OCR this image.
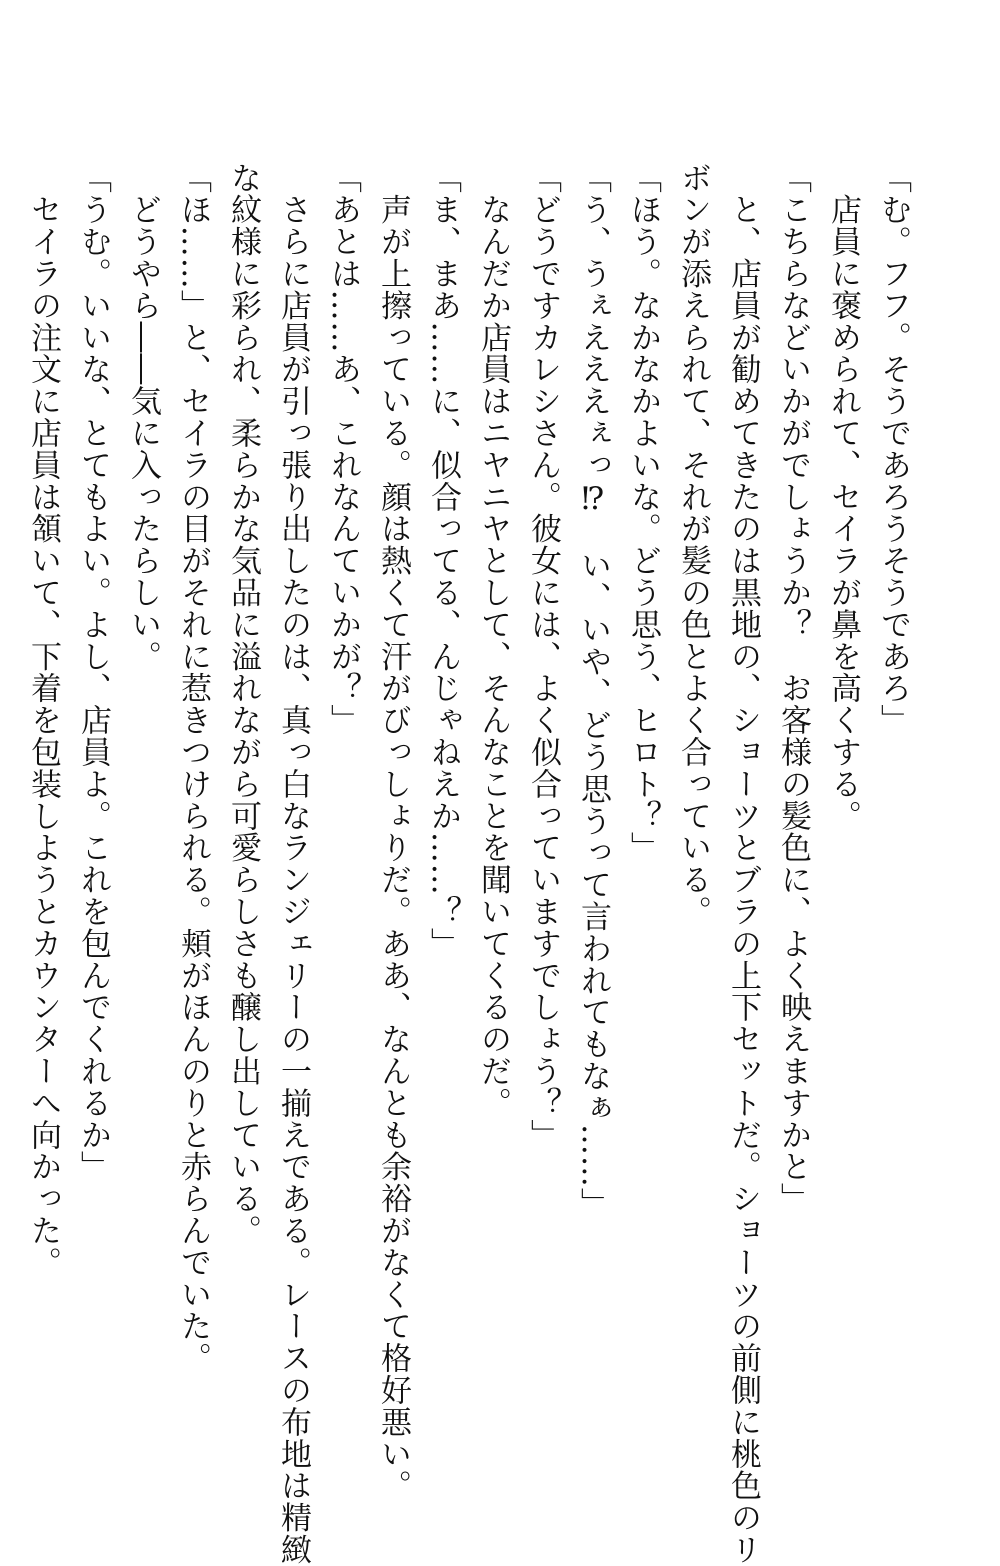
「む。フフ。そうであろうそうであろ」
　店員に褒められて、セイラが鼻を高くする。
「こちらなどいかがでしょうか？　お客様の髪色に、よく映えますかと」
　と、店員が勧めてきたのは黒地の、ショーツとブラの上下セットだ。ショーツの前側に桃色のリ
ボンが添えられて、それが髪の色とよく合っている。
「ほう。なかなかよいな。どう思う、ヒロト？」
「う、うぇえええぇっ⁉　い、いや、どう思うって言われてもなぁ……」
「どうですカレシさん。彼女には、よく似合っていますでしょう？」
　なんだか店員はニヤニヤとして、そんなことを聞いてくるのだ。
「ま、まあ……に、似合ってる、んじゃねえか……？」
　声が上擦っている。顔は熱くて汗がびっしょりだ。ああ、なんとも余裕がなくて格好悪い。
「あとは……あ、これなんていかが？」
　さらに店員が引っ張り出したのは、真っ白なランジェリーの一揃えである。レースの布地は精緻
な紋様に彩られ、柔らかな気品に溢れながら可愛らしさも醸し出している。
「ほ……」と、セイラの目がそれに惹きつけられる。頬がほんのりと赤らんでいた。
　どうやら――気に入ったらしい。
「うむ。いいな、とてもよい。よし、店員よ。これを包んでくれるか」
　セイラの注文に店員は頷いて、下着を包装しようとカウンターへ向かった。
